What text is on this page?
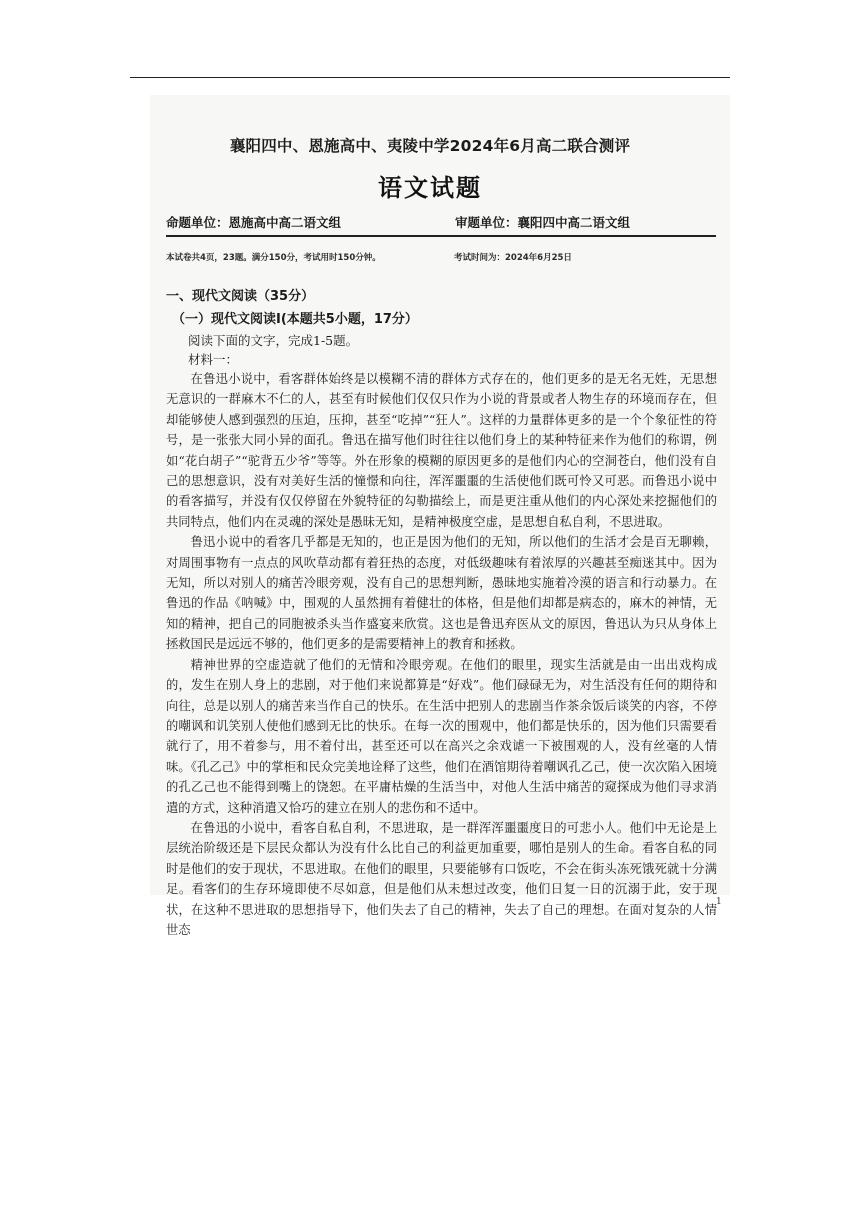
襄阳四中、恩施高中、夷陵中学2024年6月高二联合测评
语文试题
命题单位：恩施高中高二语文组	审题单位：襄阳四中高二语文组
本试卷共4页，23题。满分150分，考试用时150分钟。	考试时间为：2024年6月25日
一、现代文阅读（35分）
（一）现代文阅读Ⅰ(本题共5小题，17分）
阅读下面的文字，完成1-5题。
材料一：

在鲁迅小说中，看客群体始终是以模糊不清的群体方式存在的，他们更多的是无名无姓，无思想无意识的一群麻木不仁的人，甚至有时候他们仅仅只作为小说的背景或者人物生存的环境而存在，但却能够使人感到强烈的压迫，压抑，甚至“吃掉”“狂人”。这样的力量群体更多的是一个个象征性的符号，是一张张大同小异的面孔。鲁迅在描写他们时往往以他们身上的某种特征来作为他们的称谓，例如“花白胡子”“驼背五少爷”等等。外在形象的模糊的原因更多的是他们内心的空洞苍白，他们没有自己的思想意识，没有对美好生活的憧憬和向往，浑浑噩噩的生活使他们既可怜又可恶。而鲁迅小说中的看客描写，并没有仅仅停留在外貌特征的勾勒描绘上，而是更注重从他们的内心深处来挖掘他们的共同特点，他们内在灵魂的深处是愚昧无知，是精神极度空虚，是思想自私自利，不思进取。

鲁迅小说中的看客几乎都是无知的，也正是因为他们的无知，所以他们的生活才会是百无聊赖，对周围事物有一点点的风吹草动都有着狂热的态度，对低级趣味有着浓厚的兴趣甚至痴迷其中。因为无知，所以对别人的痛苦冷眼旁观，没有自己的思想判断，愚昧地实施着冷漠的语言和行动暴力。在鲁迅的作品《呐喊》中，围观的人虽然拥有着健壮的体格，但是他们却都是病态的，麻木的神情，无知的精神，把自己的同胞被杀头当作盛宴来欣赏。这也是鲁迅弃医从文的原因，鲁迅认为只从身体上拯救国民是远远不够的，他们更多的是需要精神上的教育和拯救。

精神世界的空虚造就了他们的无情和冷眼旁观。在他们的眼里，现实生活就是由一出出戏构成的，发生在别人身上的悲剧，对于他们来说都算是“好戏”。他们碌碌无为，对生活没有任何的期待和向往，总是以别人的痛苦来当作自己的快乐。在生活中把别人的悲剧当作茶余饭后谈笑的内容，不停的嘲讽和讥笑别人使他们感到无比的快乐。在每一次的围观中，他们都是快乐的，因为他们只需要看就行了，用不着参与，用不着付出，甚至还可以在高兴之余戏谑一下被围观的人，没有丝毫的人情味。《孔乙己》中的掌柜和民众完美地诠释了这些，他们在酒馆期待着嘲讽孔乙己，使一次次陷入困境的孔乙己也不能得到嘴上的饶恕。在平庸枯燥的生活当中，对他人生活中痛苦的窥探成为他们寻求消遣的方式，这种消遣又恰巧的建立在别人的悲伤和不适中。

在鲁迅的小说中，看客自私自利，不思进取，是一群浑浑噩噩度日的可悲小人。他们中无论是上层统治阶级还是下层民众都认为没有什么比自己的利益更加重要，哪怕是别人的生命。看客自私的同时是他们的安于现状，不思进取。在他们的眼里，只要能够有口饭吃，不会在街头冻死饿死就十分满足。看客们的生存环境即使不尽如意，但是他们从未想过改变，他们日复一日的沉溺于此，安于现状，在这种不思进取的思想指导下，他们失去了自己的精神，失去了自己的理想。在面对复杂的人情世态

1
